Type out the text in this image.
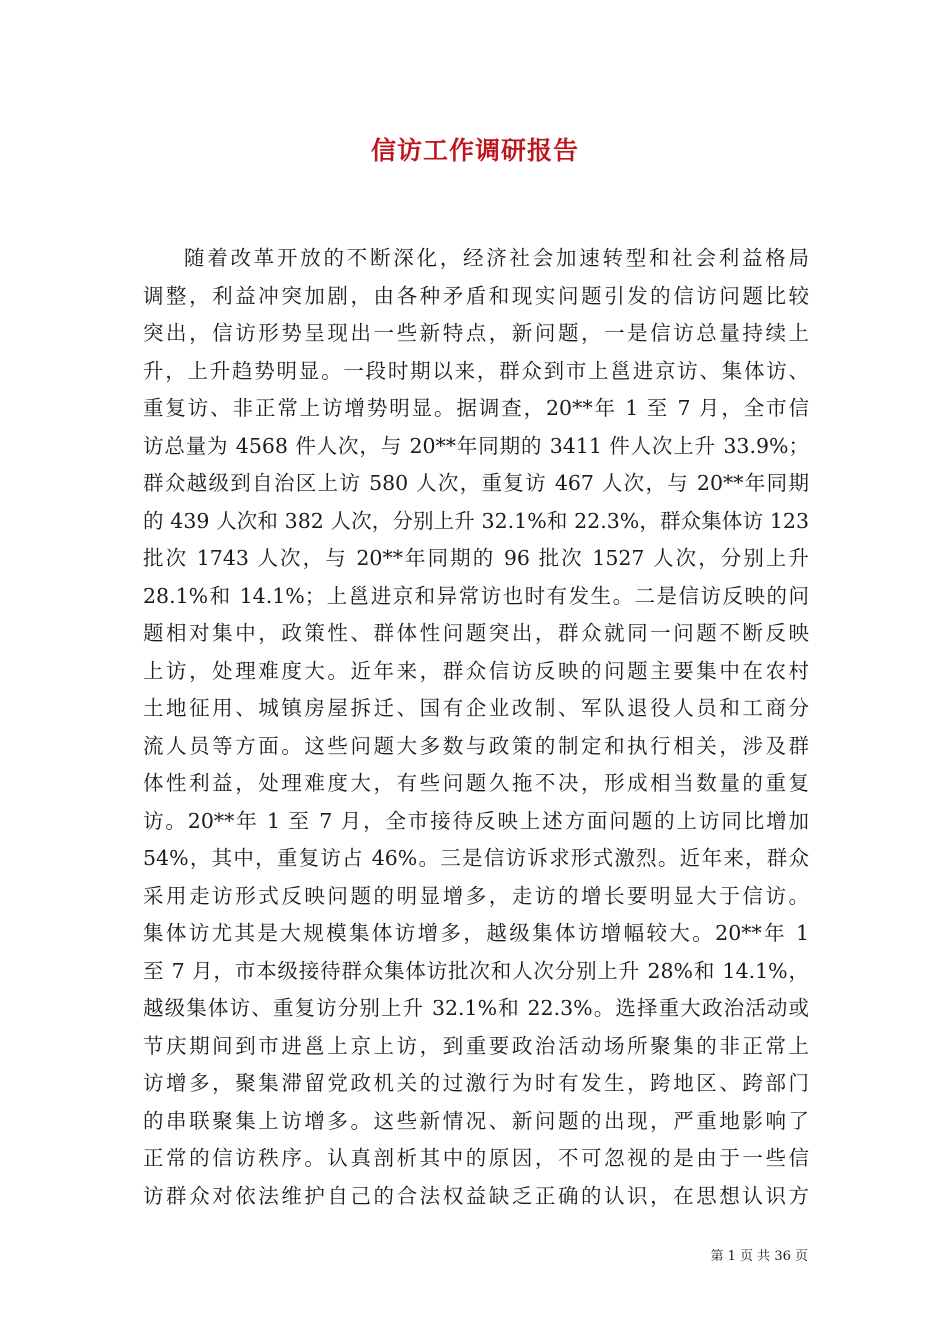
信访工作调研报告
随着改革开放的不断深化，经济社会加速转型和社会利益格局
调整，利益冲突加剧，由各种矛盾和现实问题引发的信访问题比较
突出，信访形势呈现出一些新特点，新问题，一是信访总量持续上
升，上升趋势明显。一段时期以来，群众到市上邕进京访、集体访、
重复访、非正常上访增势明显。据调查，20**年 1 至 7 月，全市信
访总量为 4568 件人次，与 20**年同期的 3411 件人次上升 33.9%；
群众越级到自治区上访 580 人次，重复访 467 人次，与 20**年同期
的 439 人次和 382 人次，分别上升 32.1%和 22.3%，群众集体访 123
批次 1743 人次，与 20**年同期的 96 批次 1527 人次，分别上升
28.1%和 14.1%；上邕进京和异常访也时有发生。二是信访反映的问
题相对集中，政策性、群体性问题突出，群众就同一问题不断反映
上访，处理难度大。近年来，群众信访反映的问题主要集中在农村
土地征用、城镇房屋拆迁、国有企业改制、军队退役人员和工商分
流人员等方面。这些问题大多数与政策的制定和执行相关，涉及群
体性利益，处理难度大，有些问题久拖不决，形成相当数量的重复
访。20**年 1 至 7 月，全市接待反映上述方面问题的上访同比增加
54%，其中，重复访占 46%。三是信访诉求形式激烈。近年来，群众
采用走访形式反映问题的明显增多，走访的增长要明显大于信访。
集体访尤其是大规模集体访增多，越级集体访增幅较大。20**年 1
至 7 月，市本级接待群众集体访批次和人次分别上升 28%和 14.1%，
越级集体访、重复访分别上升 32.1%和 22.3%。选择重大政治活动或
节庆期间到市进邕上京上访，到重要政治活动场所聚集的非正常上
访增多，聚集滞留党政机关的过激行为时有发生，跨地区、跨部门
的串联聚集上访增多。这些新情况、新问题的出现，严重地影响了
正常的信访秩序。认真剖析其中的原因，不可忽视的是由于一些信
访群众对依法维护自己的合法权益缺乏正确的认识，在思想认识方
第 1 页 共 36 页
